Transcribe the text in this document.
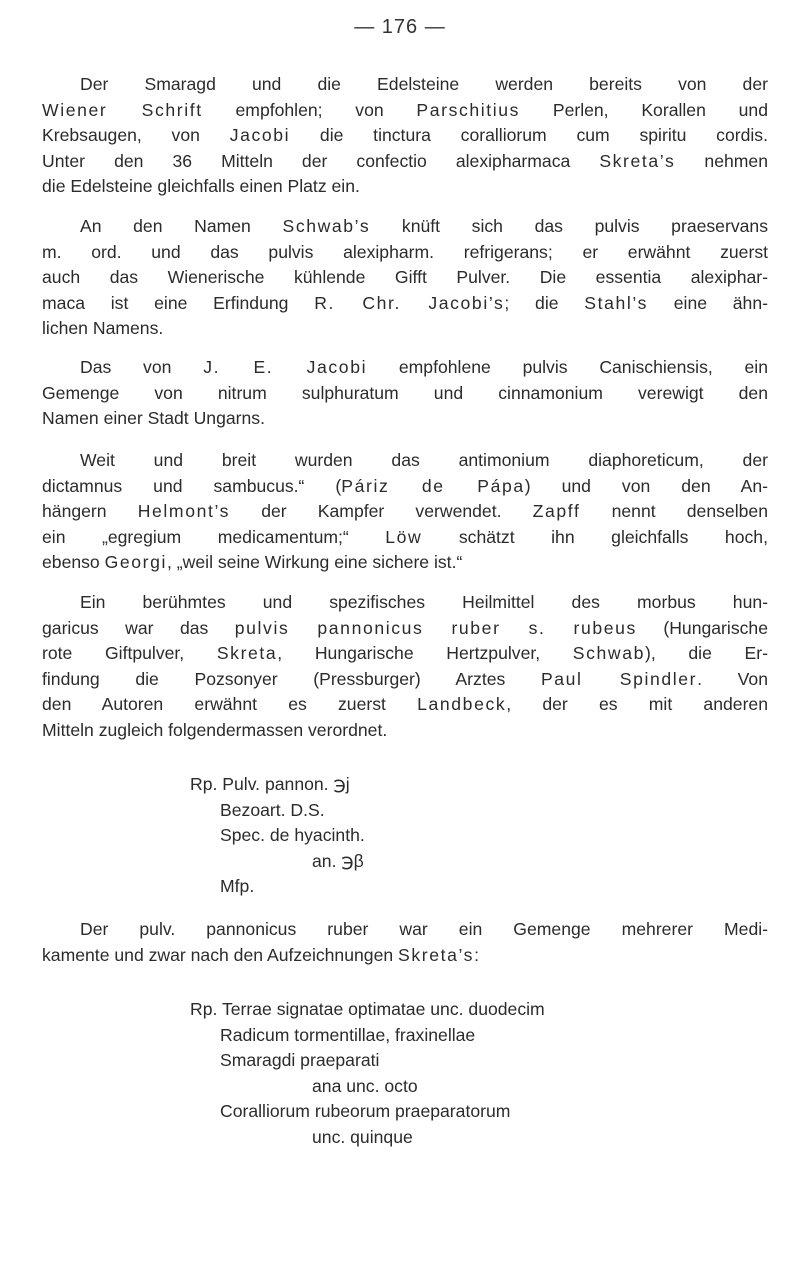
— 176 —
Der Smaragd und die Edelsteine werden bereits von der
Wiener Schrift empfohlen; von Parschitius Perlen, Korallen und
Krebsaugen, von Jacobi die tinctura coralliorum cum spiritu cordis.
Unter den 36 Mitteln der confectio alexipharmaca Skreta’s nehmen
die Edelsteine gleichfalls einen Platz ein.
An den Namen Schwab’s knüft sich das pulvis praeservans
m. ord. und das pulvis alexipharm. refrigerans; er erwähnt zuerst
auch das Wienerische kühlende Gifft Pulver. Die essentia alexiphar-
maca ist eine Erfindung R. Chr. Jacobi’s; die Stahl’s eine ähn-
lichen Namens.
Das von J. E. Jacobi empfohlene pulvis Canischiensis, ein
Gemenge von nitrum sulphuratum und cinnamonium verewigt den
Namen einer Stadt Ungarns.
Weit und breit wurden das antimonium diaphoreticum, der
dictamnus und sambucus.“ (Páriz de Pápa) und von den An-
hängern Helmont’s der Kampfer verwendet. Zapff nennt denselben
ein „egregium medicamentum;“ Löw schätzt ihn gleichfalls hoch,
ebenso Georgi, „weil seine Wirkung eine sichere ist.“
Ein berühmtes und spezifisches Heilmittel des morbus hun-
garicus war das pulvis pannonicus ruber s. rubeus (Hungarische
rote Giftpulver, Skreta, Hungarische Hertzpulver, Schwab), die Er-
findung die Pozsonyer (Pressburger) Arztes Paul Spindler. Von
den Autoren erwähnt es zuerst Landbeck, der es mit anderen
Mitteln zugleich folgendermassen verordnet.
Rp. Pulv. pannon. ℈j
Bezoart. D.S.
Spec. de hyacinth.
an. ℈β
Mfp.
Der pulv. pannonicus ruber war ein Gemenge mehrerer Medi-
kamente und zwar nach den Aufzeichnungen Skreta’s:
Rp. Terrae signatae optimatae unc. duodecim
Radicum tormentillae, fraxinellae
Smaragdi praeparati
ana unc. octo
Coralliorum rubeorum praeparatorum
unc. quinque
